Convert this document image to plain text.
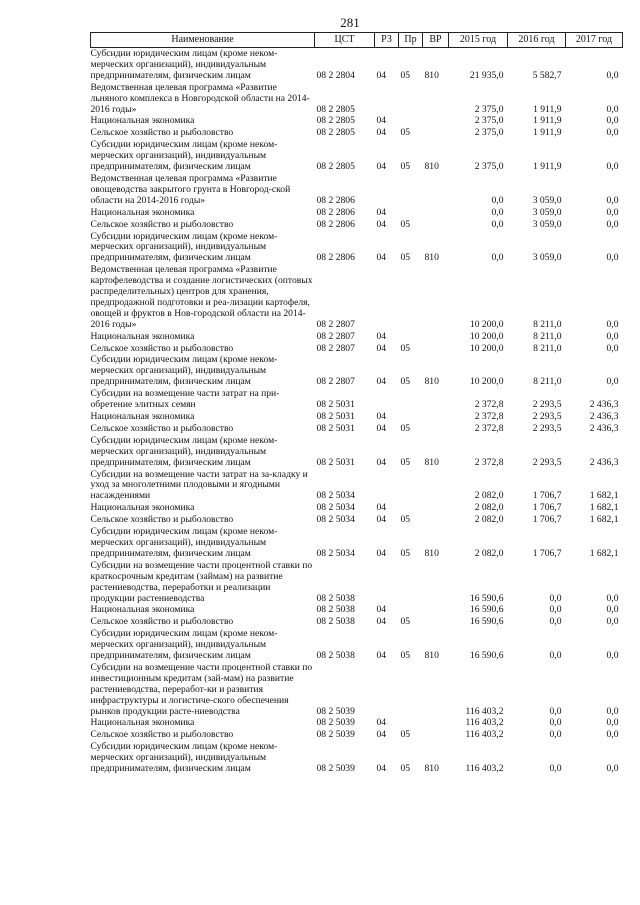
281
Наименование	ЦСТ	РЗ	Пр	ВР	2015 год	2016 год	2017 год
Субсидии юридическим лицам (кроме неком-мерческих организаций), индивидуальным предпринимателям, физическим лицам	08 2 2804	04	05	810	21 935,0	5 582,7	0,0
Ведомственная целевая программа «Развитие льняного комплекса в Новгородской области на 2014-2016 годы»	08 2 2805				2 375,0	1 911,9	0,0
Национальная экономика	08 2 2805	04			2 375,0	1 911,9	0,0
Сельское хозяйство и рыболовство	08 2 2805	04	05		2 375,0	1 911,9	0,0
Субсидии юридическим лицам (кроме неком-мерческих организаций), индивидуальным предпринимателям, физическим лицам	08 2 2805	04	05	810	2 375,0	1 911,9	0,0
Ведомственная целевая программа «Развитие овощеводства закрытого грунта в Новгород-ской области на 2014-2016 годы»	08 2 2806				0,0	3 059,0	0,0
Национальная экономика	08 2 2806	04			0,0	3 059,0	0,0
Сельское хозяйство и рыболовство	08 2 2806	04	05		0,0	3 059,0	0,0
Субсидии юридическим лицам (кроме неком-мерческих организаций), индивидуальным предпринимателям, физическим лицам	08 2 2806	04	05	810	0,0	3 059,0	0,0
Ведомственная целевая программа «Развитие картофелеводства и создание логистических (оптовых распределительных) центров для хранения, предпродажной подготовки и реа-лизации картофеля, овощей и фруктов в Нов-городской области на 2014-2016 годы»	08 2 2807				10 200,0	8 211,0	0,0
Национальная экономика	08 2 2807	04			10 200,0	8 211,0	0,0
Сельское хозяйство и рыболовство	08 2 2807	04	05		10 200,0	8 211,0	0,0
Субсидии юридическим лицам (кроме неком-мерческих организаций), индивидуальным предпринимателям, физическим лицам	08 2 2807	04	05	810	10 200,0	8 211,0	0,0
Субсидии на возмещение части затрат на при-обретение элитных семян	08 2 5031				2 372,8	2 293,5	2 436,3
Национальная экономика	08 2 5031	04			2 372,8	2 293,5	2 436,3
Сельское хозяйство и рыболовство	08 2 5031	04	05		2 372,8	2 293,5	2 436,3
Субсидии юридическим лицам (кроме неком-мерческих организаций), индивидуальным предпринимателям, физическим лицам	08 2 5031	04	05	810	2 372,8	2 293,5	2 436,3
Субсидии на возмещение части затрат на за-кладку и уход за многолетними плодовыми и ягодными насаждениями	08 2 5034				2 082,0	1 706,7	1 682,1
Национальная экономика	08 2 5034	04			2 082,0	1 706,7	1 682,1
Сельское хозяйство и рыболовство	08 2 5034	04	05		2 082,0	1 706,7	1 682,1
Субсидии юридическим лицам (кроме неком-мерческих организаций), индивидуальным предпринимателям, физическим лицам	08 2 5034	04	05	810	2 082,0	1 706,7	1 682,1
Субсидии на возмещение части процентной ставки по краткосрочным кредитам (займам) на развитие растениеводства, переработки и реализации продукции растениеводства	08 2 5038				16 590,6	0,0	0,0
Национальная экономика	08 2 5038	04			16 590,6	0,0	0,0
Сельское хозяйство и рыболовство	08 2 5038	04	05		16 590,6	0,0	0,0
Субсидии юридическим лицам (кроме неком-мерческих организаций), индивидуальным предпринимателям, физическим лицам	08 2 5038	04	05	810	16 590,6	0,0	0,0
Субсидии на возмещение части процентной ставки по инвестиционным кредитам (зай-мам) на развитие растениеводства, переработ-ки и развития инфраструктуры и логистиче-ского обеспечения рынков продукции расте-ниеводства	08 2 5039				116 403,2	0,0	0,0
Национальная экономика	08 2 5039	04			116 403,2	0,0	0,0
Сельское хозяйство и рыболовство	08 2 5039	04	05		116 403,2	0,0	0,0
Субсидии юридическим лицам (кроме неком-мерческих организаций), индивидуальным предпринимателям, физическим лицам	08 2 5039	04	05	810	116 403,2	0,0	0,0
